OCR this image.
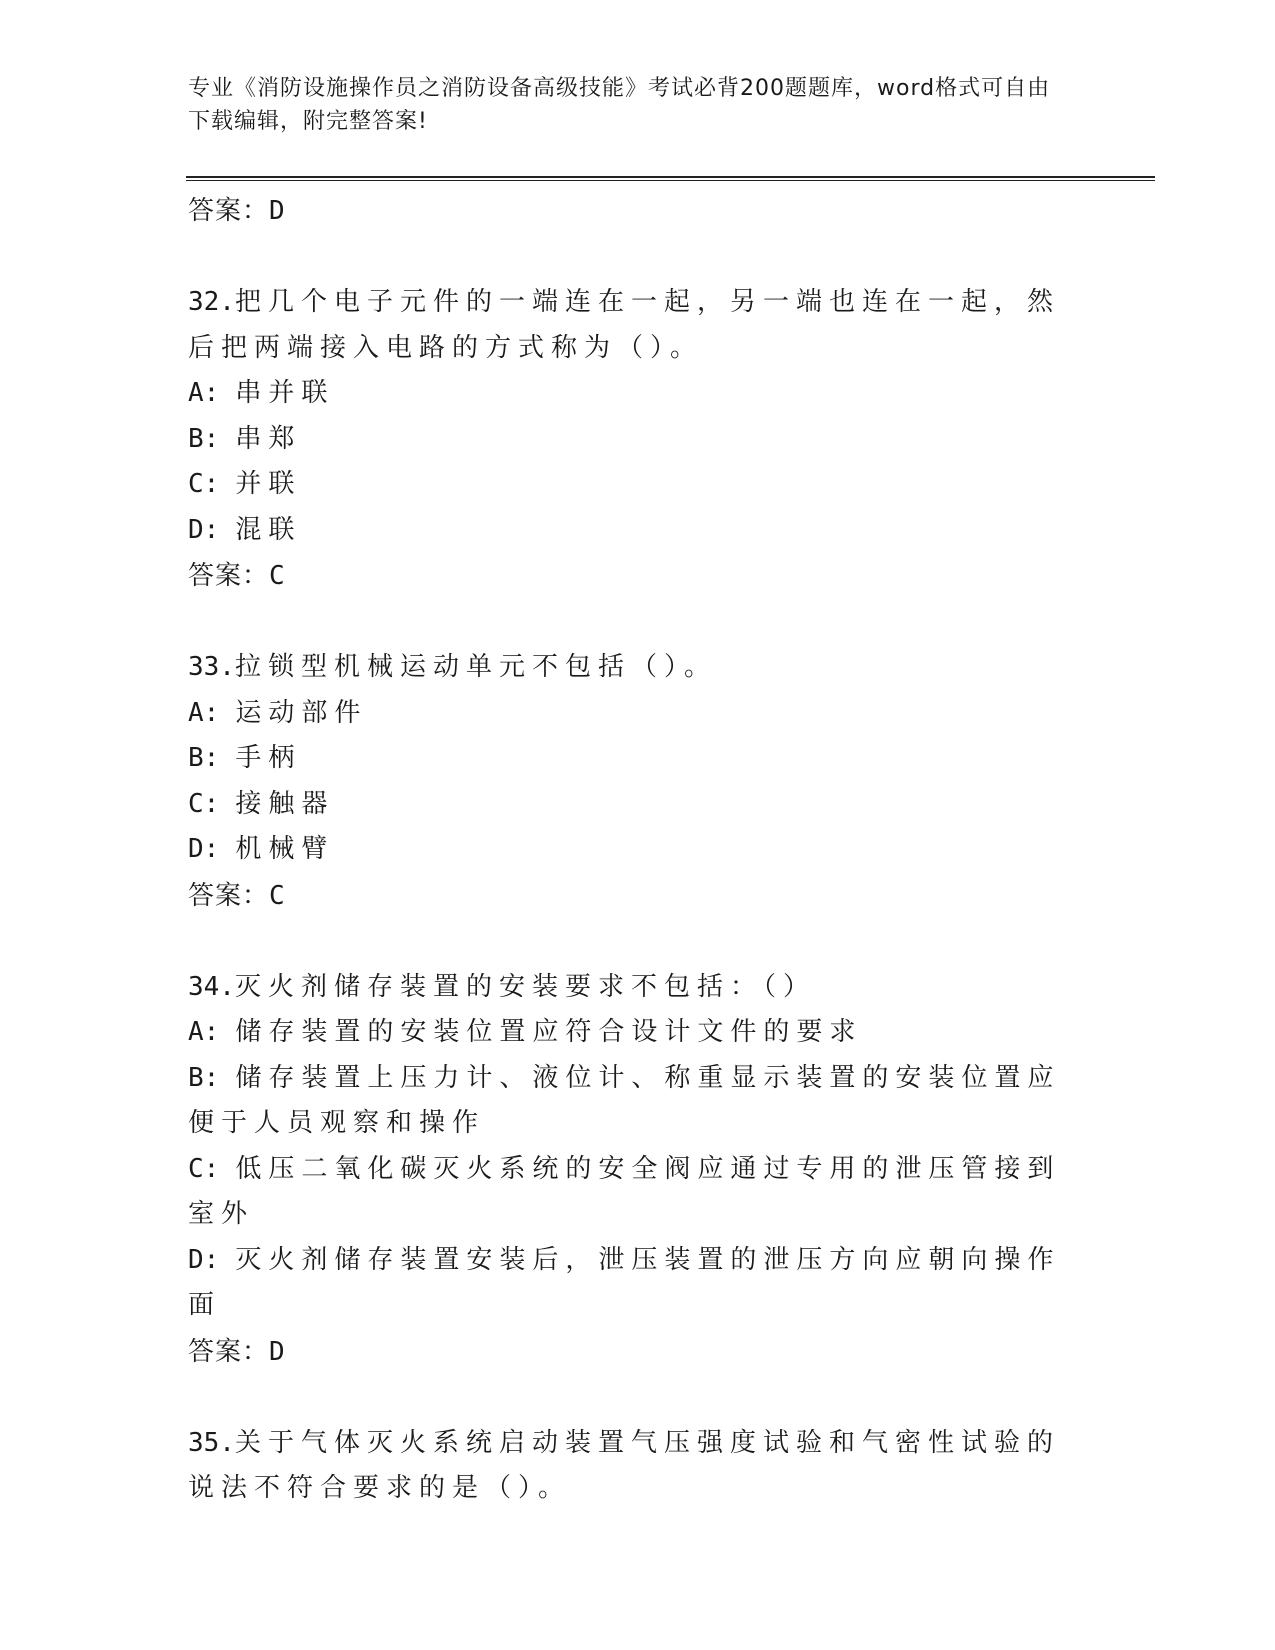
专业《消防设施操作员之消防设备高级技能》考试必背200题题库，word格式可自由下载编辑，附完整答案!
答案：D
32.把几个电子元件的一端连在一起，另一端也连在一起，然后把两端接入电路的方式称为（）。
A: 串并联
B: 串郑
C: 并联
D: 混联
答案：C
33.拉锁型机械运动单元不包括（）。
A: 运动部件
B: 手柄
C: 接触器
D: 机械臂
答案：C
34.灭火剂储存装置的安装要求不包括：（）
A: 储存装置的安装位置应符合设计文件的要求
B: 储存装置上压力计、液位计、称重显示装置的安装位置应便于人员观察和操作
C: 低压二氧化碳灭火系统的安全阀应通过专用的泄压管接到室外
D: 灭火剂储存装置安装后，泄压装置的泄压方向应朝向操作面
答案：D
35.关于气体灭火系统启动装置气压强度试验和气密性试验的说法不符合要求的是（）。
